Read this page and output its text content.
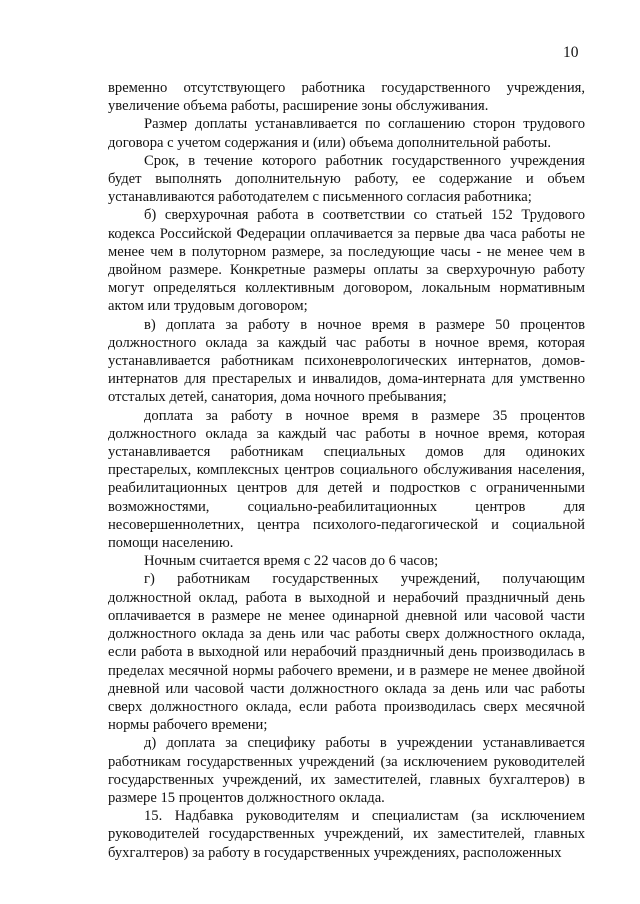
10

временно отсутствующего работника государственного учреждения, увеличение объема работы, расширение зоны обслуживания.

Размер доплаты устанавливается по соглашению сторон трудового договора с учетом содержания и (или) объема дополнительной работы.

Срок, в течение которого работник государственного учреждения будет выполнять дополнительную работу, ее содержание и объем устанавливаются работодателем с письменного согласия работника;

б) сверхурочная работа в соответствии со статьей 152 Трудового кодекса Российской Федерации оплачивается за первые два часа работы не менее чем в полуторном размере, за последующие часы - не менее чем в двойном размере. Конкретные размеры оплаты за сверхурочную работу могут определяться коллективным договором, локальным нормативным актом или трудовым договором;

в) доплата за работу в ночное время в размере 50 процентов должностного оклада за каждый час работы в ночное время, которая устанавливается работникам психоневрологических интернатов, домов-интернатов для престарелых и инвалидов, дома-интерната для умственно отсталых детей, санатория, дома ночного пребывания;

доплата за работу в ночное время в размере 35 процентов должностного оклада за каждый час работы в ночное время, которая устанавливается работникам специальных домов для одиноких престарелых, комплексных центров социального обслуживания населения, реабилитационных центров для детей и подростков с ограниченными возможностями, социально-реабилитационных центров для несовершеннолетних, центра психолого-педагогической и социальной помощи населению.

Ночным считается время с 22 часов до 6 часов;

г) работникам государственных учреждений, получающим должностной оклад, работа в выходной и нерабочий праздничный день оплачивается в размере не менее одинарной дневной или часовой части должностного оклада за день или час работы сверх должностного оклада, если работа в выходной или нерабочий праздничный день производилась в пределах месячной нормы рабочего времени, и в размере не менее двойной дневной или часовой части должностного оклада за день или час работы сверх должностного оклада, если работа производилась сверх месячной нормы рабочего времени;

д) доплата за специфику работы в учреждении устанавливается работникам государственных учреждений (за исключением руководителей государственных учреждений, их заместителей, главных бухгалтеров) в размере 15 процентов должностного оклада.

15. Надбавка руководителям и специалистам (за исключением руководителей государственных учреждений, их заместителей, главных бухгалтеров) за работу в государственных учреждениях, расположенных
